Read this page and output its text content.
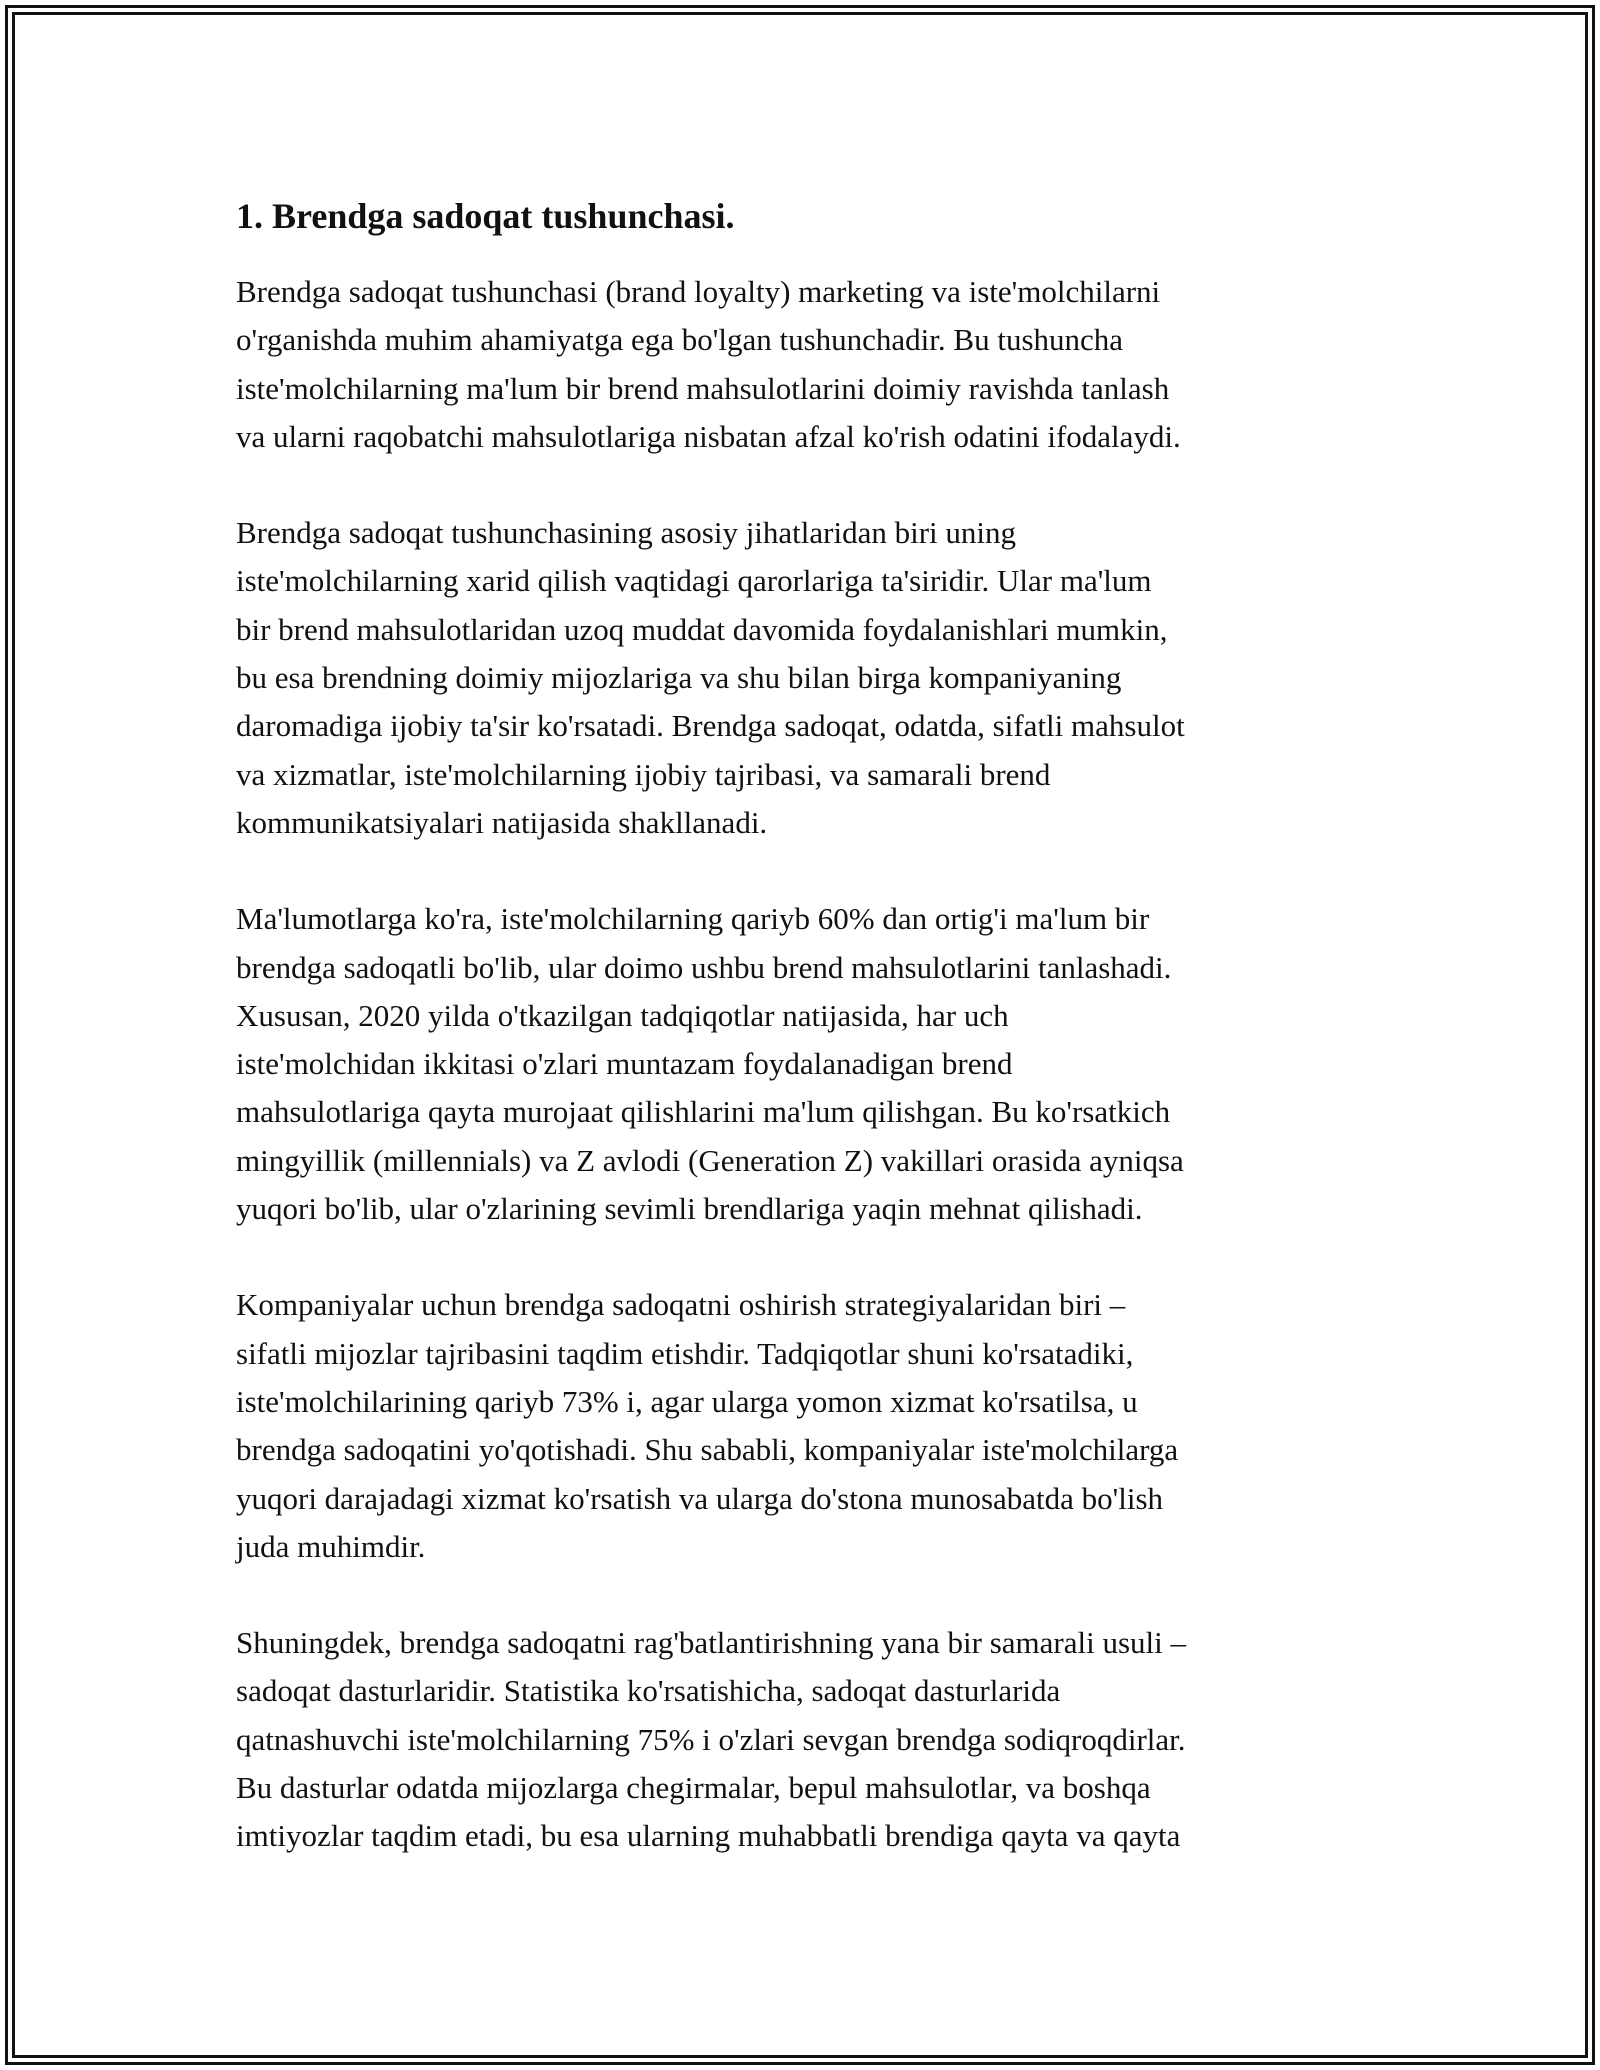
1. Brendga sadoqat tushunchasi.

Brendga sadoqat tushunchasi (brand loyalty) marketing va iste'molchilarni
o'rganishda muhim ahamiyatga ega bo'lgan tushunchadir. Bu tushuncha
iste'molchilarning ma'lum bir brend mahsulotlarini doimiy ravishda tanlash
va ularni raqobatchi mahsulotlariga nisbatan afzal ko'rish odatini ifodalaydi.

Brendga sadoqat tushunchasining asosiy jihatlaridan biri uning
iste'molchilarning xarid qilish vaqtidagi qarorlariga ta'siridir. Ular ma'lum
bir brend mahsulotlaridan uzoq muddat davomida foydalanishlari mumkin,
bu esa brendning doimiy mijozlariga va shu bilan birga kompaniyaning
daromadiga ijobiy ta'sir ko'rsatadi. Brendga sadoqat, odatda, sifatli mahsulot
va xizmatlar, iste'molchilarning ijobiy tajribasi, va samarali brend
kommunikatsiyalari natijasida shakllanadi.

Ma'lumotlarga ko'ra, iste'molchilarning qariyb 60% dan ortig'i ma'lum bir
brendga sadoqatli bo'lib, ular doimo ushbu brend mahsulotlarini tanlashadi.
Xususan, 2020 yilda o'tkazilgan tadqiqotlar natijasida, har uch
iste'molchidan ikkitasi o'zlari muntazam foydalanadigan brend
mahsulotlariga qayta murojaat qilishlarini ma'lum qilishgan. Bu ko'rsatkich
mingyillik (millennials) va Z avlodi (Generation Z) vakillari orasida ayniqsa
yuqori bo'lib, ular o'zlarining sevimli brendlariga yaqin mehnat qilishadi.

Kompaniyalar uchun brendga sadoqatni oshirish strategiyalaridan biri –
sifatli mijozlar tajribasini taqdim etishdir. Tadqiqotlar shuni ko'rsatadiki,
iste'molchilarining qariyb 73% i, agar ularga yomon xizmat ko'rsatilsa, u
brendga sadoqatini yo'qotishadi. Shu sababli, kompaniyalar iste'molchilarga
yuqori darajadagi xizmat ko'rsatish va ularga do'stona munosabatda bo'lish
juda muhimdir.

Shuningdek, brendga sadoqatni rag'batlantirishning yana bir samarali usuli –
sadoqat dasturlaridir. Statistika ko'rsatishicha, sadoqat dasturlarida
qatnashuvchi iste'molchilarning 75% i o'zlari sevgan brendga sodiqroqdirlar.
Bu dasturlar odatda mijozlarga chegirmalar, bepul mahsulotlar, va boshqa
imtiyozlar taqdim etadi, bu esa ularning muhabbatli brendiga qayta va qayta
